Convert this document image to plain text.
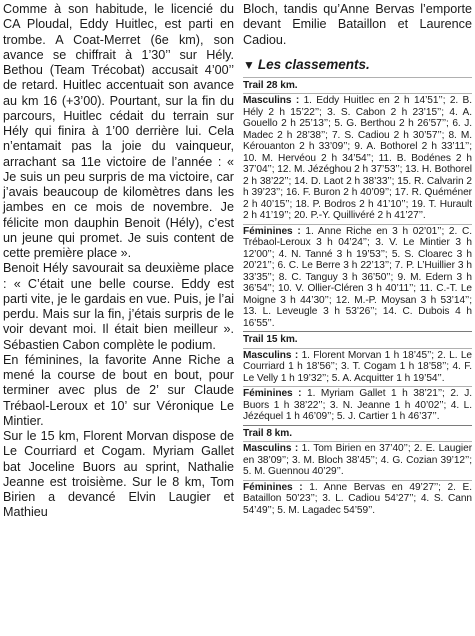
Comme à son habitude, le licencié du CA Ploudal, Eddy Huitlec, est parti en trombe. A Coat-Merret (6e km), son avance se chiffrait à 1’30’’ sur Hély. Bethou (Team Trécobat) accusait 4’00’’ de retard. Huitlec accentuait son avance au km 16 (+3’00). Pourtant, sur la fin du parcours, Huitlec cédait du terrain sur Hély qui finira à 1’00 derrière lui. Cela n’entamait pas la joie du vainqueur, arrachant sa 11e victoire de l’année : « Je suis un peu surpris de ma victoire, car j’avais beaucoup de kilomètres dans les jambes en ce mois de novembre. Je félicite mon dauphin Benoit (Hély), c’est un jeune qui promet. Je suis content de cette première place ».

Benoit Hély savourait sa deuxième place : « C’était une belle course. Eddy est parti vite, je le gardais en vue. Puis, je l’ai perdu. Mais sur la fin, j’étais surpris de le voir devant moi. Il était bien meilleur ». Sébastien Cabon complète le podium.

En féminines, la favorite Anne Riche a mené la course de bout en bout, pour terminer avec plus de 2’ sur Claude Trébaol-Leroux et 10’ sur Véronique Le Mintier.

Sur le 15 km, Florent Morvan dispose de Le Courriard et Cogam. Myriam Gallet bat Joceline Buors au sprint, Nathalie Jeanne est troisième. Sur le 8 km, Tom Birien a devancé Elvin Laugier et Mathieu

Bloch, tandis qu’Anne Bervas l’emporte devant Emilie Bataillon et Laurence Cadiou.

▼ Les classements.
Trail 28 km.

Masculins : 1. Eddy Huitlec en 2 h 14’51’’; 2. B. Hély 2 h 15’22’’; 3. S. Cabon 2 h 23’15’’; 4. A. Gouello 2 h 25’13’’; 5. G. Berthou 2 h 26’57’’; 6. J. Madec 2 h 28’38’’; 7. S. Cadiou 2 h 30’57’’; 8. M. Kérouanton 2 h 33’09’’; 9. A. Bothorel 2 h 33’11’’; 10. M. Hervéou 2 h 34’54’’; 11. B. Bodénes 2 h 37’04’’; 12. M. Jézéghou 2 h 37’53’’; 13. H. Bothorel 2 h 38’22’’; 14. D. Laot 2 h 38’33’’; 15. R. Calvarin 2 h 39’23’’; 16. F. Buron 2 h 40’09’’; 17. R. Quéméner 2 h 40’15’’; 18. P. Bodros 2 h 41’10’’; 19. T. Hurault 2 h 41’19’’; 20. P.-Y. Quillivéré 2 h 41’27’’.

Féminines : 1. Anne Riche en 3 h 02’01’’; 2. C. Trébaol-Leroux 3 h 04’24’’; 3. V. Le Mintier 3 h 12’00’’; 4. N. Tanné 3 h 19’53’’; 5. S. Cloarec 3 h 20’21’’; 6. C. Le Berre 3 h 22’13’’; 7. P. L’Huillier 3 h 33’35’’; 8. C. Tanguy 3 h 36’50’’; 9. M. Edern 3 h 36’54’’; 10. V. Ollier-Cléren 3 h 40’11’’; 11. C.-T. Le Moigne 3 h 44’30’’; 12. M.-P. Moysan 3 h 53’14’’; 13. L. Leveugle 3 h 53’26’’; 14. C. Dubois 4 h 16’55’’.

Trail 15 km.

Masculins : 1. Florent Morvan 1 h 18’45’’; 2. L. Le Courriard 1 h 18’56’’; 3. T. Cogam 1 h 18’58’’; 4. F. Le Velly 1 h 19’32’’; 5. A. Acquitter 1 h 19’54’’.

Féminines : 1. Myriam Gallet 1 h 38’21’’; 2. J. Buors 1 h 38’22’’; 3. N. Jeanne 1 h 40’02’’; 4. L. Jézéquel 1 h 46’09’’; 5. J. Cartier 1 h 46’37’’.

Trail 8 km.

Masculins : 1. Tom Birien en 37’40’’; 2. E. Laugier en 38’09’’; 3. M. Bloch 38’45’’; 4. G. Cozian 39’12’’; 5. M. Guennou 40’29’’.

Féminines : 1. Anne Bervas en 49’27’’; 2. E. Bataillon 50’23’’; 3. L. Cadiou 54’27’’; 4. S. Cann 54’49’’; 5. M. Lagadec 54’59’’.
